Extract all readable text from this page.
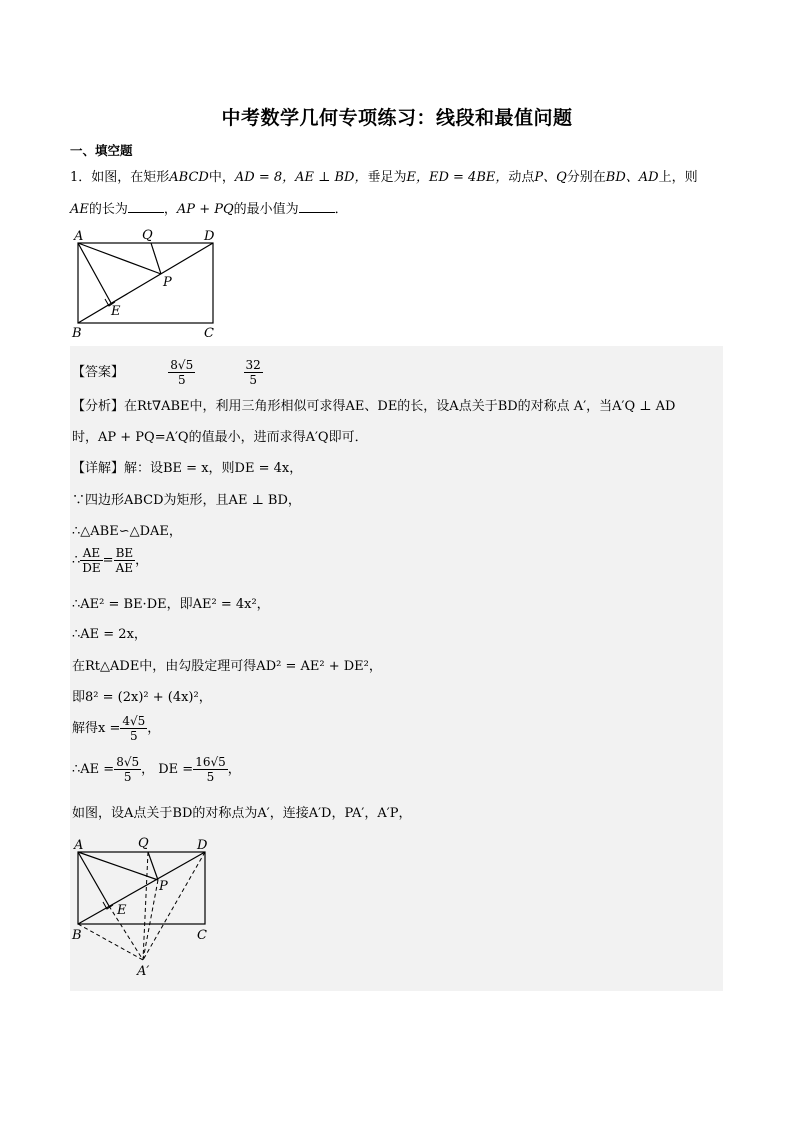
中考数学几何专项练习：线段和最值问题
一、填空题
1．如图，在矩形ABCD中，AD = 8，AE ⊥ BD，垂足为E，ED = 4BE，动点P、Q分别在BD、AD上，则
AE的长为	，AP + PQ的最小值为	．
A	Q	D
P
E
B	C
【答案】	$\frac{8√5}{5}$
	$\frac{32}{5}$
【分析】在Rt∇ABE中，利用三角形相似可求得AE、DE的长，设A点关于BD的对称点 A′，当A′Q ⊥ AD
时，AP + PQ=A′Q的值最小，进而求得A′Q即可．
【详解】解：设BE = x，则DE = 4x，
∵四边形ABCD为矩形，且AE ⊥ BD，
∴△ABE∽△DAE，
∴ $\frac{AE}{DE} = \frac{BE}{AE}$ ，
∴AE² = BE·DE，即AE² = 4x²，
∴AE = 2x，
在Rt△ADE中，由勾股定理可得AD² = AE² + DE²，
即8² = (2x)² + (4x)²，
解得$x = \frac{4√5}{5}$ ，
∴AE = $\frac{8√5}{5}$ ， DE = $\frac{16√5}{5}$ ，
如图，设A点关于BD的对称点为A′，连接A′D，PA′，A′P，
A	Q	D
P
E
B	C
A′
